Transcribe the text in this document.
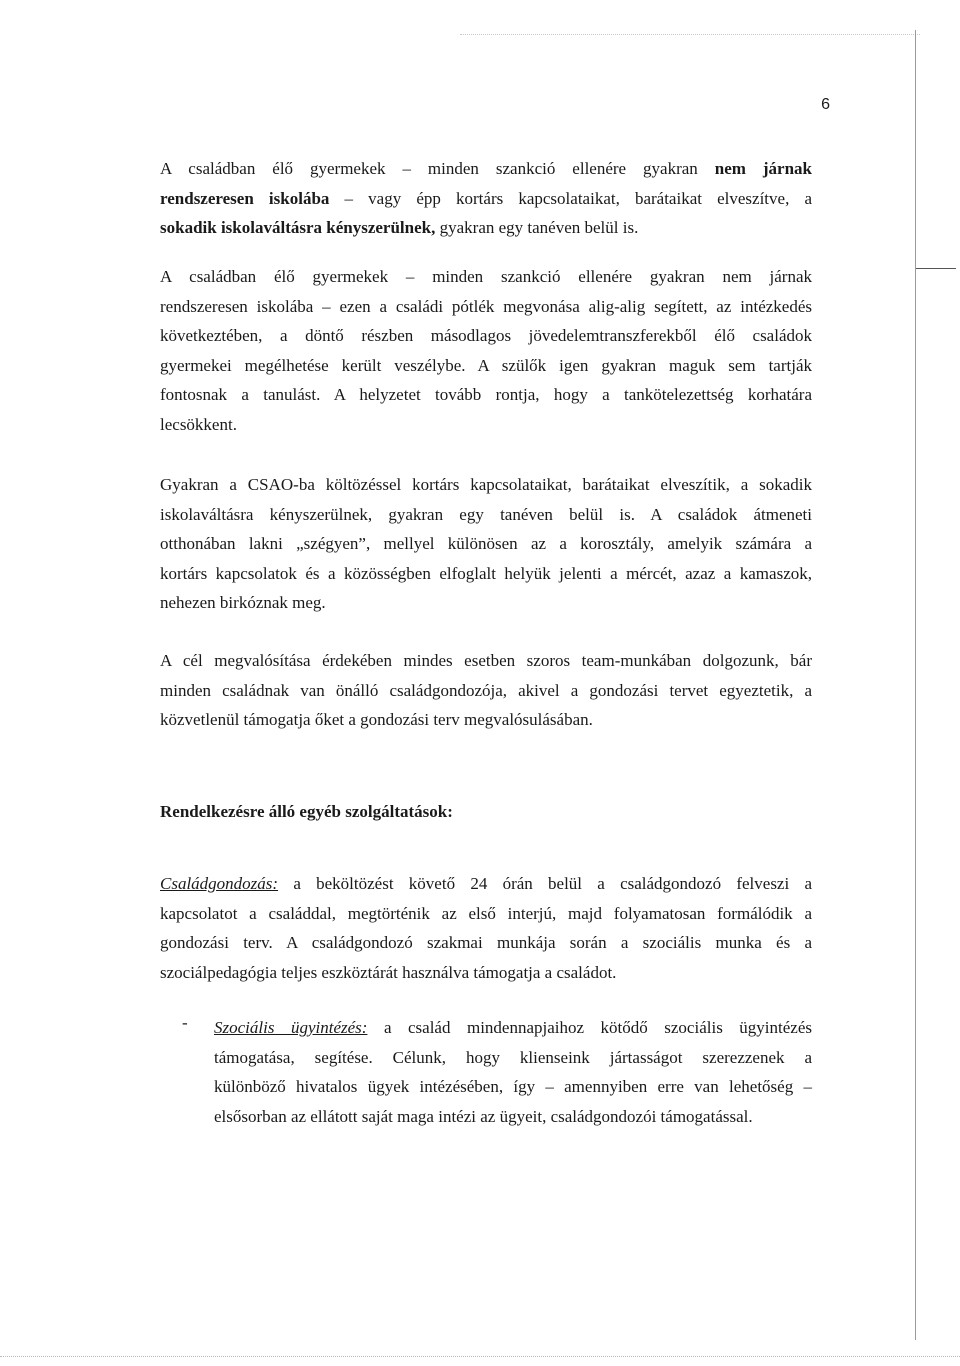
6
A családban élő gyermekek – minden szankció ellenére gyakran nem járnak
rendszeresen iskolába – vagy épp kortárs kapcsolataikat, barátaikat elveszítve, a
sokadik iskolaváltásra kényszerülnek, gyakran egy tanéven belül is.
A családban élő gyermekek – minden szankció ellenére gyakran nem járnak
rendszeresen iskolába – ezen a családi pótlék megvonása alig-alig segített, az intézkedés
következtében, a döntő részben másodlagos jövedelemtranszferekből élő családok
gyermekei megélhetése került veszélybe. A szülők igen gyakran maguk sem tartják
fontosnak a tanulást. A helyzetet tovább rontja, hogy a tankötelezettség korhatára
lecsökkent.
Gyakran a CSAO-ba költözéssel kortárs kapcsolataikat, barátaikat elveszítik, a sokadik
iskolaváltásra kényszerülnek, gyakran egy tanéven belül is. A családok átmeneti
otthonában lakni „szégyen”, mellyel különösen az a korosztály, amelyik számára a
kortárs kapcsolatok és a közösségben elfoglalt helyük jelenti a mércét, azaz a kamaszok,
nehezen birkóznak meg.
A cél megvalósítása érdekében mindes esetben szoros team-munkában dolgozunk, bár
minden családnak van önálló családgondozója, akivel a gondozási tervet egyeztetik, a
közvetlenül támogatja őket a gondozási terv megvalósulásában.
Rendelkezésre álló egyéb szolgáltatások:
Családgondozás: a beköltözést követő 24 órán belül a családgondozó felveszi a
kapcsolatot a családdal, megtörténik az első interjú, majd folyamatosan formálódik a
gondozási terv. A családgondozó szakmai munkája során a szociális munka és a
szociálpedagógia teljes eszköztárát használva támogatja a családot.
- Szociális ügyintézés: a család mindennapjaihoz kötődő szociális ügyintézés
támogatása, segítése. Célunk, hogy klienseink jártasságot szerezzenek a
különböző hivatalos ügyek intézésében, így – amennyiben erre van lehetőség –
elsősorban az ellátott saját maga intézi az ügyeit, családgondozói támogatással.
